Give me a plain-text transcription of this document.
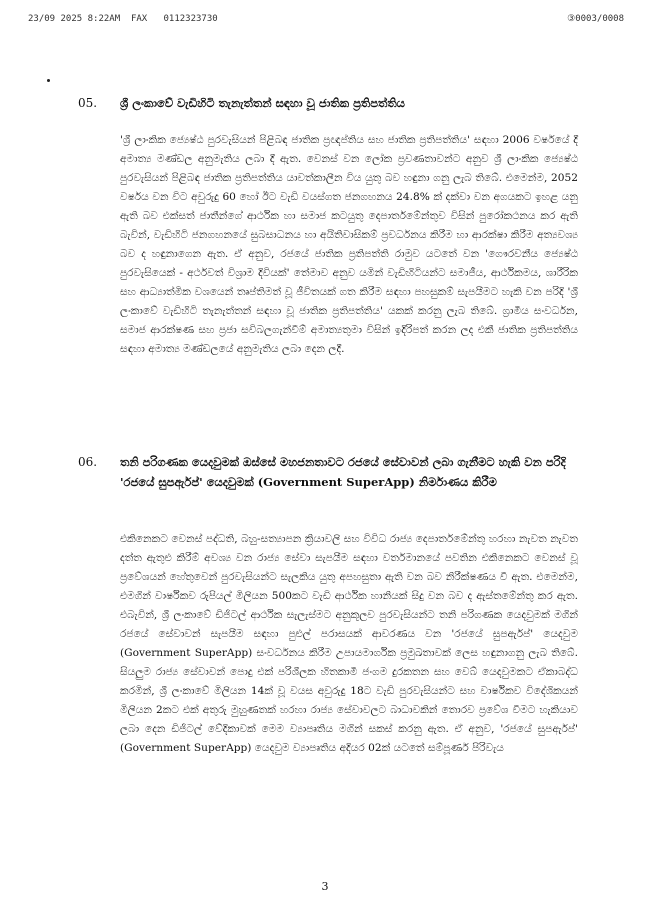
23/09 2025 8:22AM FAX 0112323730	③0003/0008
05. ශ්‍රී ලංකාවේ වැඩිහිටි තැනැත්තන් සඳහා වූ ජාතික ප්‍රතිපත්තිය

'ශ්‍රී ලාංකික ජ්‍යෙෂ්ඨ පුරවැසියන් පිළිබඳ ජාතික ප්‍රඥප්තිය සහ ජාතික ප්‍රතිපත්තිය' සඳහා 2006 වර්ෂයේ දී අමාත්‍ය මණ්ඩල අනුමැතිය ලබා දී ඇත. වෙනස් වන ලෝක ප්‍රවණතාවන්ට අනුව ශ්‍රී ලාංකික ජ්‍යෙෂ්ඨ පුරවැසියන් පිළිබඳ ජාතික ප්‍රතිපත්තිය යාවත්කාලීන විය යුතු බව හඳුනා ගනු ලැබ තිබේ. එමෙන්ම, 2052 වර්ෂය වන විට අවුරුදු 60 හෝ ඊට වැඩි වයස්ගත ජනගහනය 24.8% ක් දක්වා වන අගයකට ඉහළ යනු ඇති බව එක්සත් ජාතීන්ගේ ආර්ථික හා සමාජ කටයුතු දෙපාර්තමේන්තුව විසින් පුරෝකථනය කර ඇති බැවින්, වැඩිහිටි ජනගහනයේ සුබසාධනය හා අයිතිවාසිකම් ප්‍රවර්ධනය කිරීම හා ආරක්ෂා කිරීම අත්‍යවශ්‍ය බව ද හඳුනාගෙන ඇත. ඒ අනුව, රජයේ ජාතික ප්‍රතිපත්ති රාමුව යටතේ වන 'ගෞරවනීය ජ්‍යෙෂ්ඨ පුරවැසියෙක් - අර්ථවත් විශ්‍රාම දිවියක්' තේමාව අනුව යමින් වැඩිහිටියන්ට සමාජීය, ආර්ථිකමය, ශාරීරික සහ ආධ්‍යාත්මික වශයෙන් තෘප්තිමත් වූ ජීවිතයක් ගත කිරීම සඳහා පහසුකම් සැපයීමට හැකි වන පරිදි 'ශ්‍රී ලංකාවේ වැඩිහිටි තැනැත්තන් සඳහා වූ ජාතික ප්‍රතිපත්තිය' යකක් කරනු ලැබ තිබේ. ග්‍රාමීය සංවර්ධන, සමාජ ආරක්ෂණ සහ ප්‍රජා සවිබලගැන්වීම් අමාත්‍යතුමා විසින් ඉදිරිපත් කරන ලද එකී ජාතික ප්‍රතිපත්තිය සඳහා අමාත්‍ය මණ්ඩලයේ අනුමැතිය ලබා දෙන ලදී.

06. තනි පරිගණක යෙදවුමක් ඔස්සේ මහජනතාවට රජයේ සේවාවන් ලබා ගැනීමට හැකි වන පරිදි 'රජයේ සුපර්ඇප්' යෙදවුමක් (Government SuperApp) නිර්මාණය කිරීම

එකිනෙකට වෙනස් පද්ධති, බහු-සත්‍යාපන ක්‍රියාවලි සහ විවිධ රාජ්‍ය දෙපාර්තමේන්තු හරහා නැවත නැවත දත්ත ඇතුළු කිරීම් අවශ්‍ය වන රාජ්‍ය සේවා සැපයීම සඳහා වර්තමානයේ පවතින එකිනෙකට වෙනස් වූ ප්‍රවේශයන් හේතුවෙන් පුරවැසියන්ට සැලකිය යුතු අපහසුතා ඇති වන බව නිරීක්ෂණය වී ඇත. එමෙන්ම, එමගින් වාර්ෂිකව රුපියල් මිලියන 500කට වැඩි ආර්ථික හානියක් සිදු වන බව ද ඇස්තමේන්තු කර ඇත. එබැවින්, ශ්‍රී ලංකාවේ ඩිජිටල් ආර්ථික සැලැස්මට අනුකූලව පුරවැසියන්ට තනි පරිගණක යෙදවුමක් මගින් රජයේ සේවාවන් සැපයීම සඳහා පුළුල් පරාසයක් ආවරණය වන 'රජයේ සුපර්ඇප්' යෙදවුම (Government SuperApp) සංවර්ධනය කිරීම උපායමාර්ගික ප්‍රමුඛතාවක් ලෙස හඳුනාගනු ලැබ තිබේ. සියලුම රාජ්‍ය සේවාවන් පොදු එක් පරිශීලක හිතකාමී ජංගම දුරකතන සහ වෙබ් යෙදවුමකට ඒකාබද්ධ කරමින්, ශ්‍රී ලංකාවේ මිලියන 14ක් වූ වයස අවුරුදු 18ට වැඩි පුරවැසියන්ට සහ වාර්ෂිකව විදේශිකයන් මිලියන 2කට එක් අතුරු මුහුණතක් හරහා රාජ්‍ය සේවාවලට බාධාවකින් තොරව ප්‍රවේශ වීමට හැකියාව ලබා දෙන ඩිජිටල් වේදිකාවක් මෙම ව්‍යාපෘතිය මගින් සකස් කරනු ඇත. ඒ අනුව, 'රජයේ සුපර්ඇප්' (Government SuperApp) යෙදවුම ව්‍යාපෘතිය අදියර 02ක් යටතේ සම්පූර්ණ පිරිවැය

3
